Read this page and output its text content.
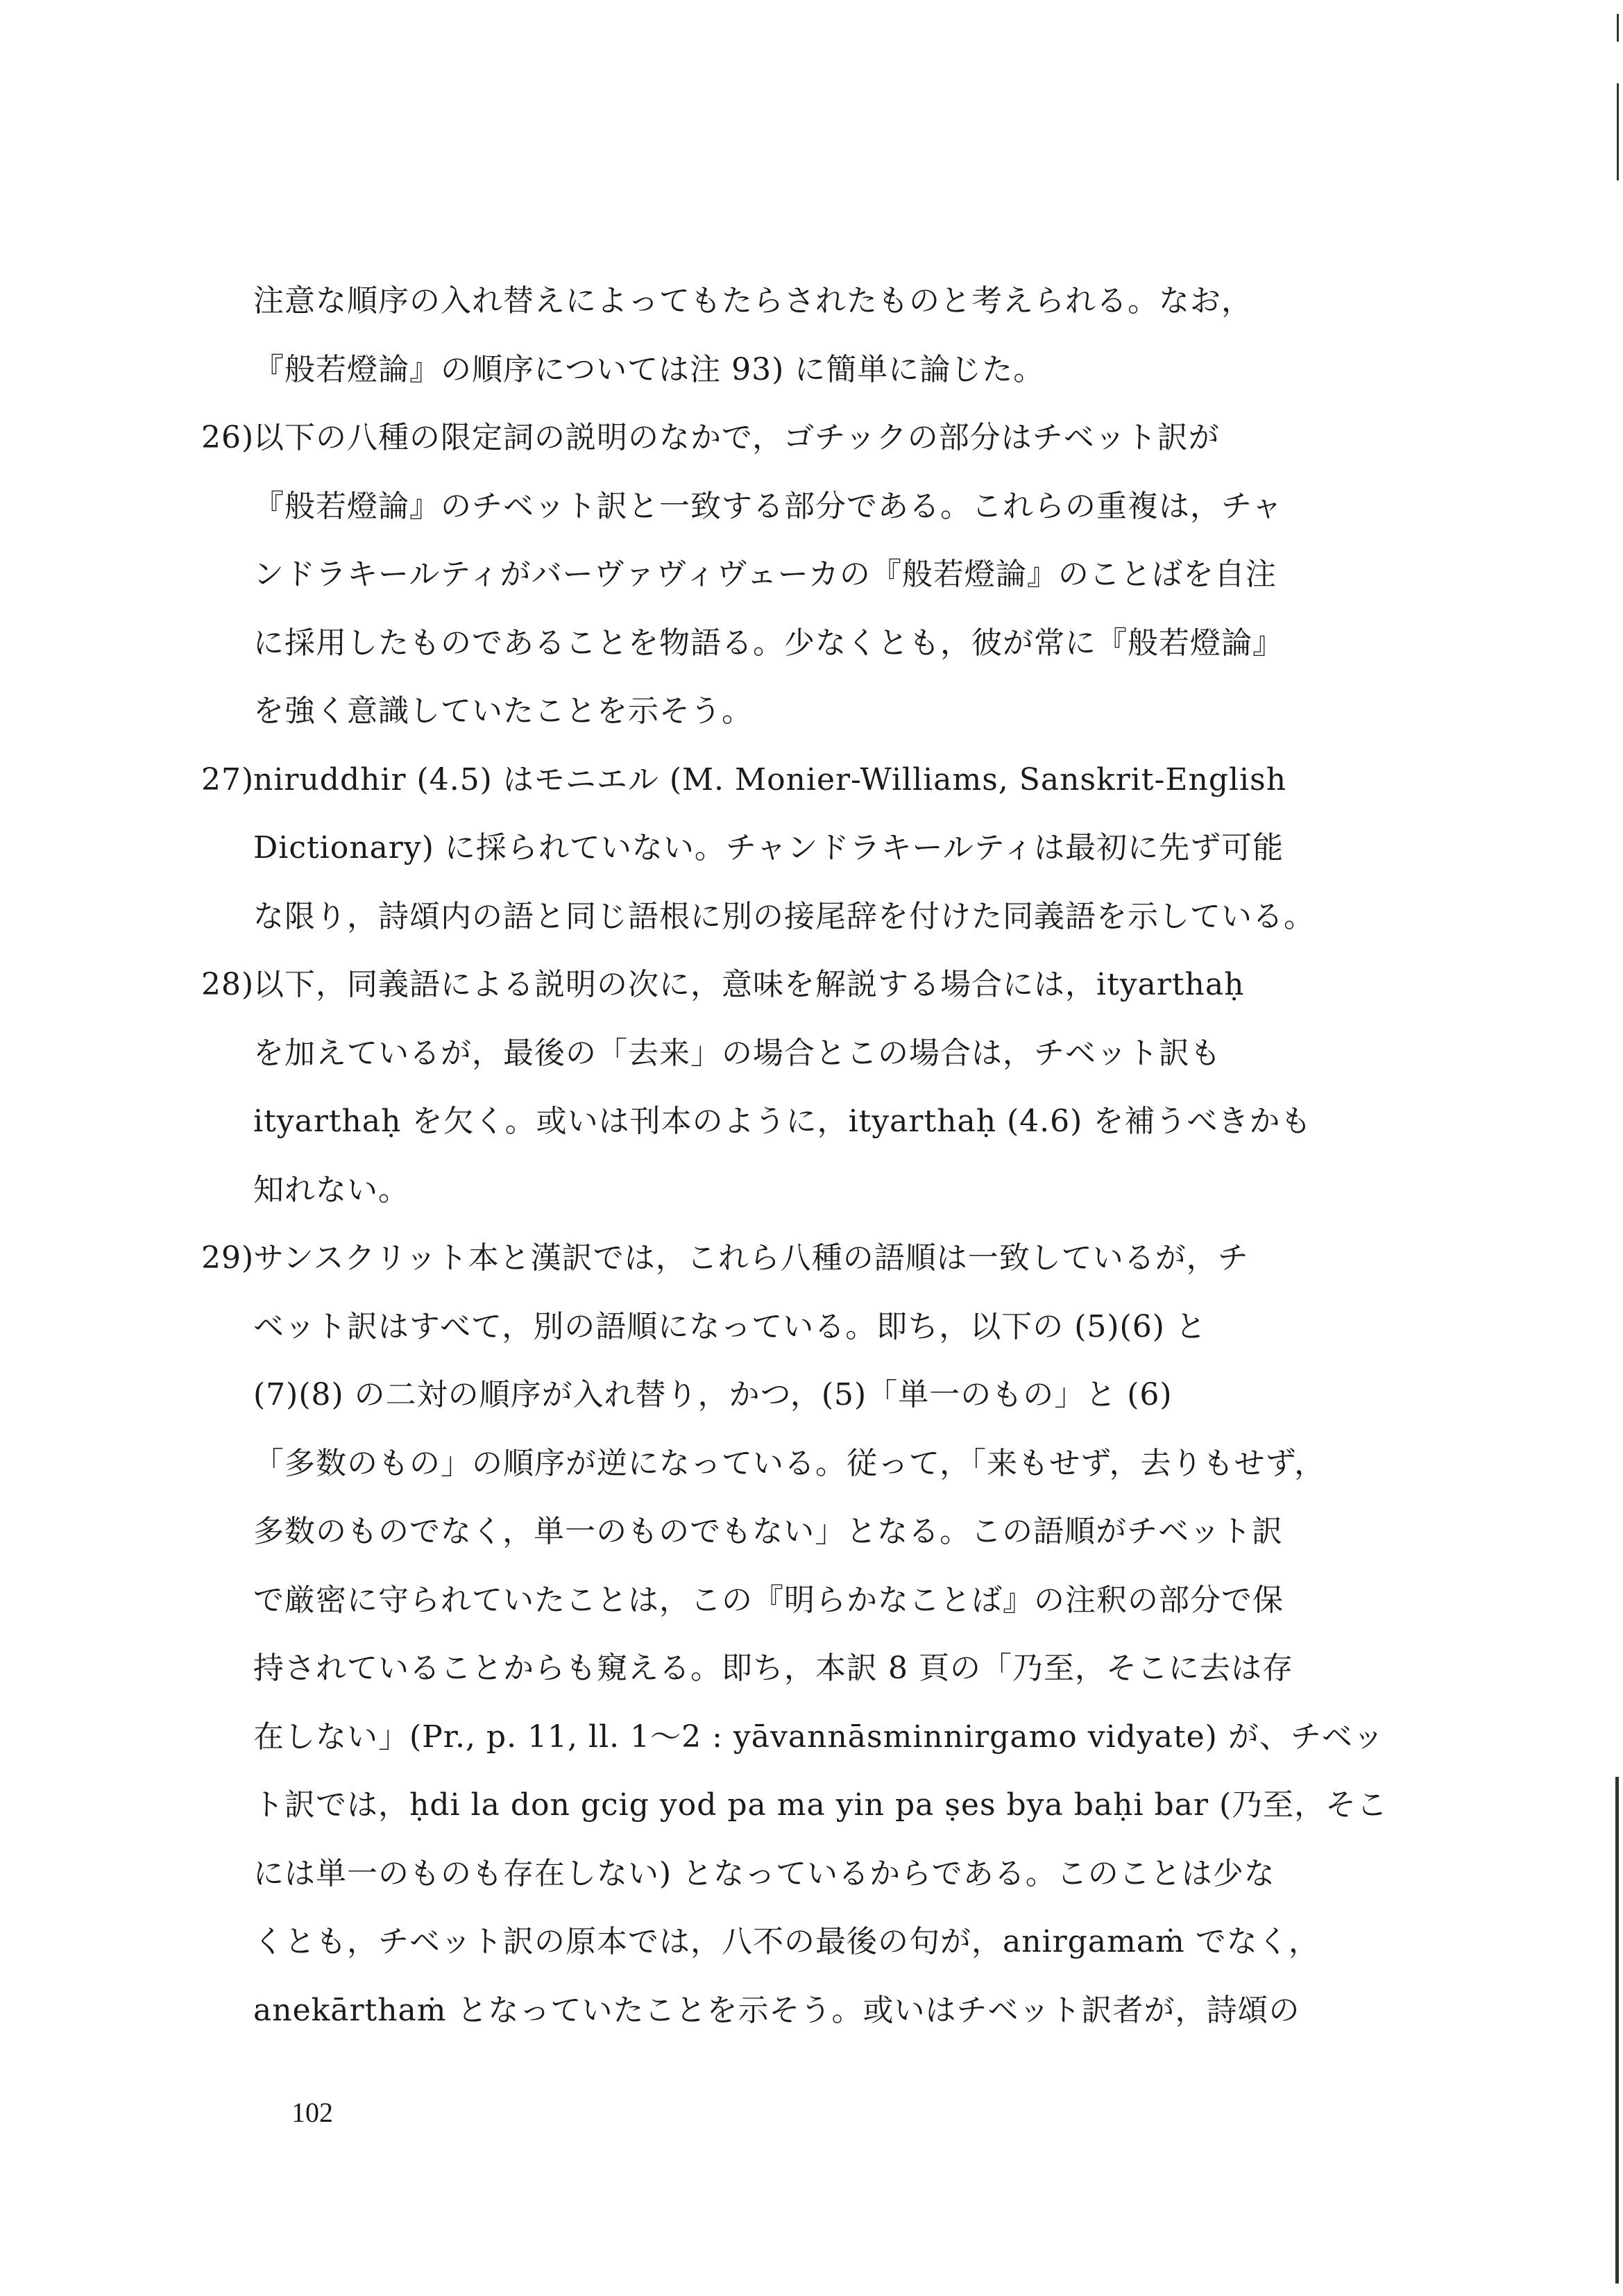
注意な順序の入れ替えによってもたらされたものと考えられる。なお，
『般若燈論』の順序については注 93) に簡単に論じた。
26)以下の八種の限定詞の説明のなかで，ゴチックの部分はチベット訳が
『般若燈論』のチベット訳と一致する部分である。これらの重複は，チャ
ンドラキールティがバーヴァヴィヴェーカの『般若燈論』のことばを自注
に採用したものであることを物語る。少なくとも，彼が常に『般若燈論』
を強く意識していたことを示そう。
27)niruddhir (4.5) はモニエル (M. Monier-Williams, Sanskrit-English
Dictionary) に採られていない。チャンドラキールティは最初に先ず可能
な限り，詩頌内の語と同じ語根に別の接尾辞を付けた同義語を示している。
28)以下，同義語による説明の次に，意味を解説する場合には，ityarthaḥ
を加えているが，最後の「去来」の場合とこの場合は，チベット訳も
ityarthaḥ を欠く。或いは刊本のように，ityarthaḥ (4.6) を補うべきかも
知れない。
29)サンスクリット本と漢訳では，これら八種の語順は一致しているが，チ
ベット訳はすべて，別の語順になっている。即ち，以下の (5)(6) と
(7)(8) の二対の順序が入れ替り，かつ，(5)「単一のもの」と (6)
「多数のもの」の順序が逆になっている。従って，「来もせず，去りもせず，
多数のものでなく，単一のものでもない」となる。この語順がチベット訳
で厳密に守られていたことは，この『明らかなことば』の注釈の部分で保
持されていることからも窺える。即ち，本訳 8 頁の「乃至，そこに去は存
在しない」(Pr., p. 11, ll. 1〜2 : yāvannāsminnirgamo vidyate) が、チベッ
ト訳では，ḥdi la don gcig yod pa ma yin pa ṣes bya baḥi bar (乃至，そこ
には単一のものも存在しない) となっているからである。このことは少な
くとも，チベット訳の原本では，八不の最後の句が，anirgamaṁ でなく，
anekārthaṁ となっていたことを示そう。或いはチベット訳者が，詩頌の
102
